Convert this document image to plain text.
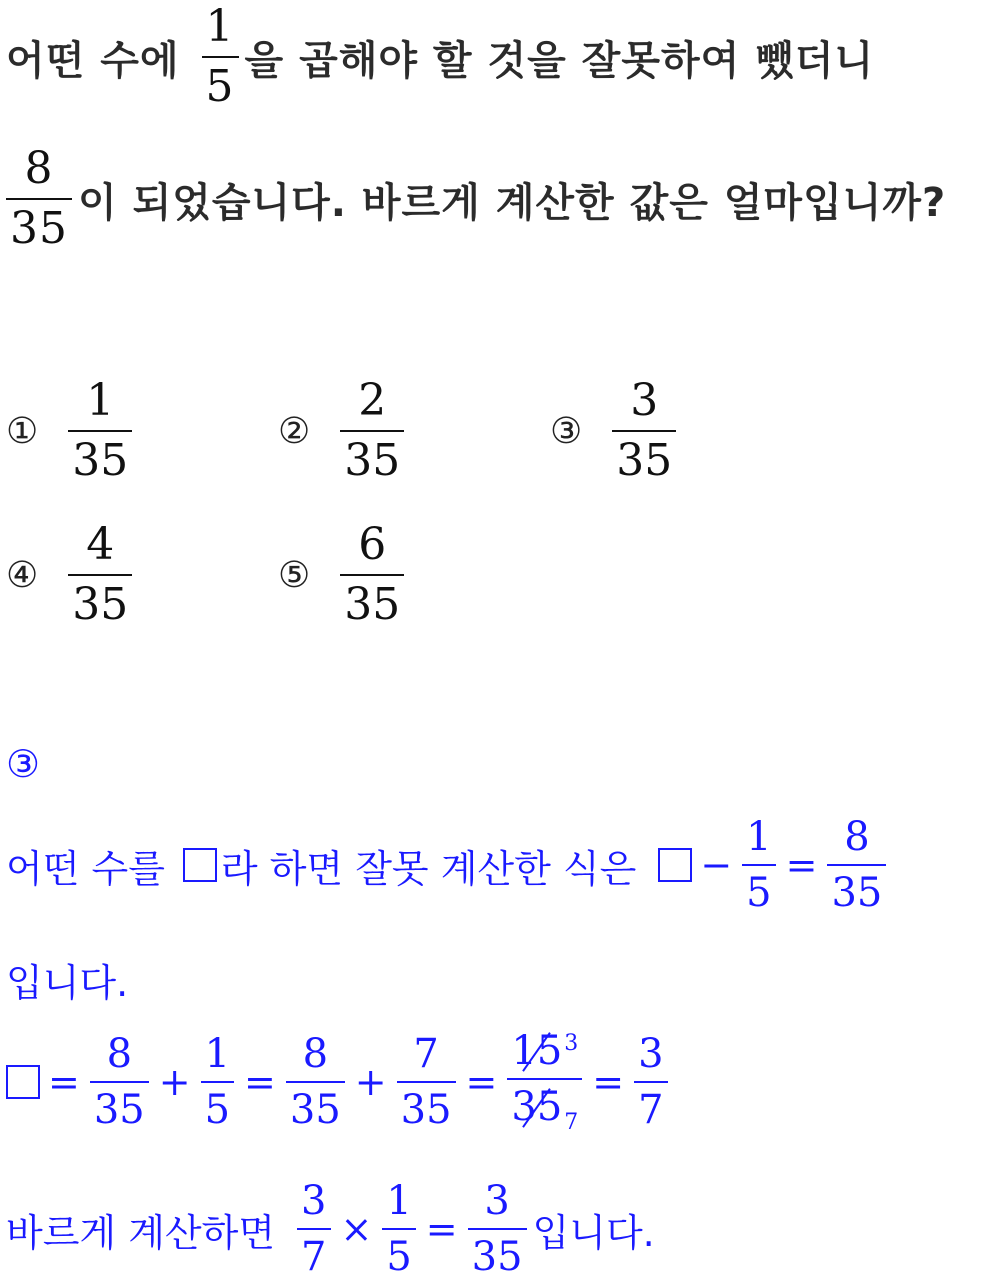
어떤 수에 $\frac{1}{5}$ 을 곱해야 할 것을 잘못하여 뺐더니
$\frac{8}{35}$ 이 되었습니다. 바르게 계산한 값은 얼마입니까?
① $\frac{1}{35}$	② $\frac{2}{35}$	③ $\frac{3}{35}$
④ $\frac{4}{35}$	⑤ $\frac{6}{35}$
③
어떤 수를 라 하면 잘못 계산한 식은 − $\frac{1}{5} = \frac{8}{35}$
입니다.
= $\frac{8}{35} + \frac{1}{5} = \frac{8}{35} + \frac{7}{35} = \frac{15^3}{35_7} = \frac{3}{7}$
바르게 계산하면 $\frac{3}{7} \times \frac{1}{5} = \frac{3}{35}$ 입니다.
